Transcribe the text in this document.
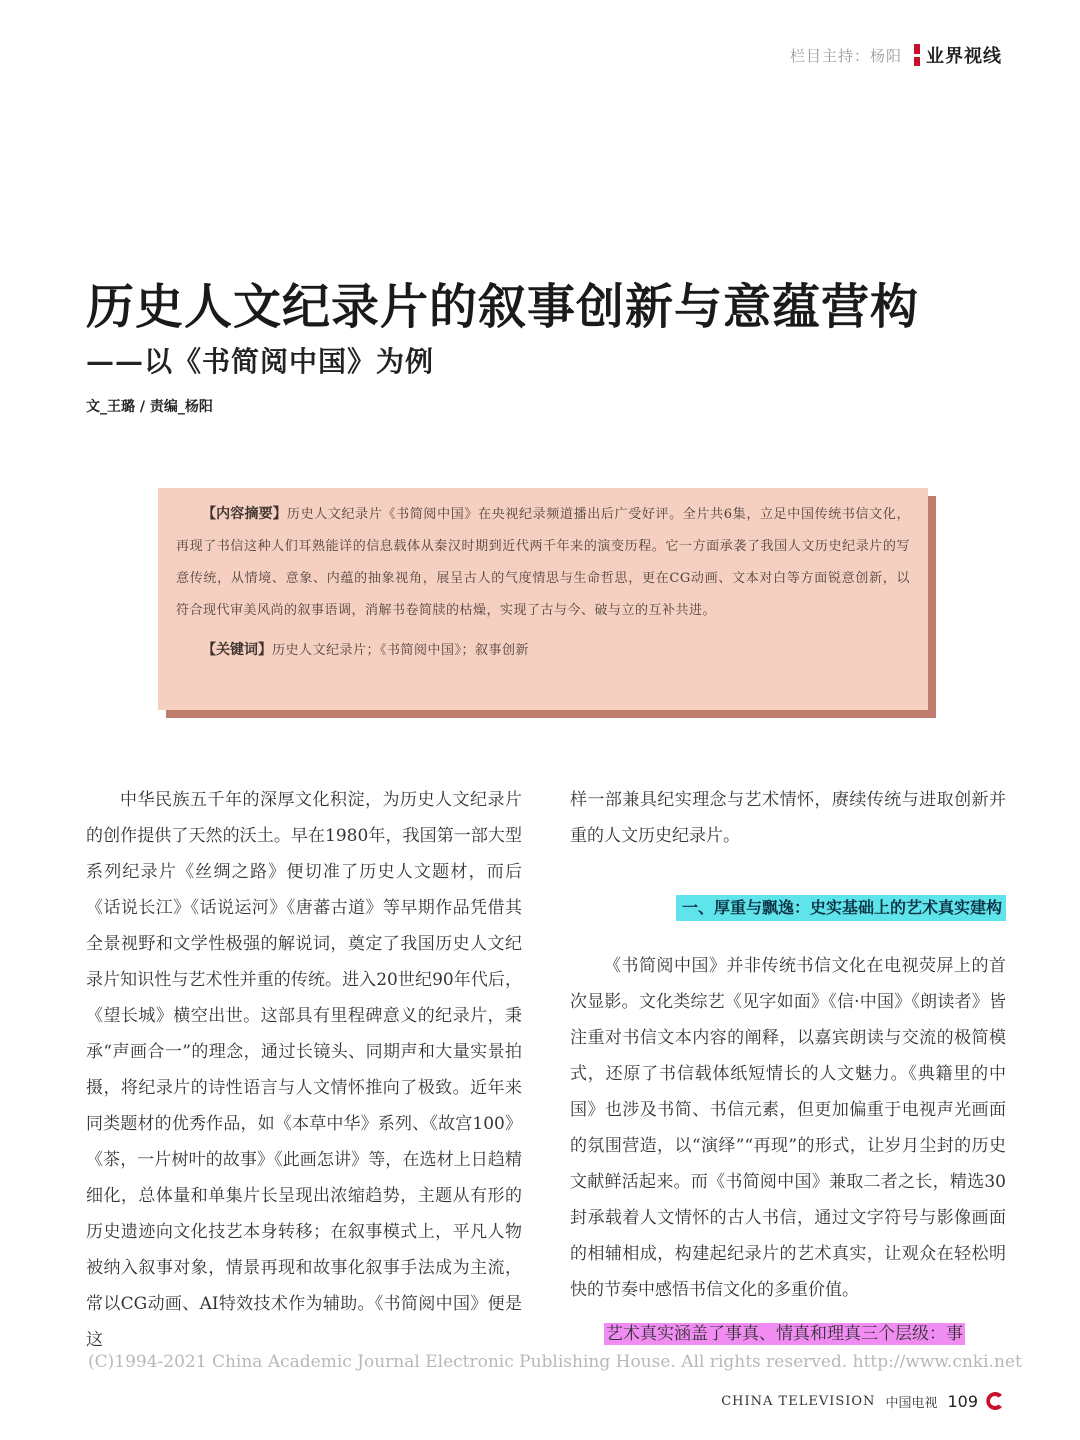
栏目主持：杨阳 业界视线
历史人文纪录片的叙事创新与意蕴营构
——以《书简阅中国》为例
文_王璐 / 责编_杨阳
【内容摘要】历史人文纪录片《书简阅中国》在央视纪录频道播出后广受好评。全片共6集，立足中国传统书信文化，再现了书信这种人们耳熟能详的信息载体从秦汉时期到近代两千年来的演变历程。它一方面承袭了我国人文历史纪录片的写意传统，从情境、意象、内蕴的抽象视角，展呈古人的气度情思与生命哲思，更在CG动画、文本对白等方面锐意创新，以符合现代审美风尚的叙事语调，消解书卷简牍的枯燥，实现了古与今、破与立的互补共进。
【关键词】历史人文纪录片；《书简阅中国》；叙事创新

中华民族五千年的深厚文化积淀，为历史人文纪录片的创作提供了天然的沃土。早在1980年，我国第一部大型系列纪录片《丝绸之路》便切准了历史人文题材，而后《话说长江》《话说运河》《唐蕃古道》等早期作品凭借其全景视野和文学性极强的解说词，奠定了我国历史人文纪录片知识性与艺术性并重的传统。进入20世纪90年代后，《望长城》横空出世。这部具有里程碑意义的纪录片，秉承“声画合一”的理念，通过长镜头、同期声和大量实景拍摄，将纪录片的诗性语言与人文情怀推向了极致。近年来同类题材的优秀作品，如《本草中华》系列、《故宫100》《茶，一片树叶的故事》《此画怎讲》等，在选材上日趋精细化，总体量和单集片长呈现出浓缩趋势，主题从有形的历史遗迹向文化技艺本身转移；在叙事模式上，平凡人物被纳入叙事对象，情景再现和故事化叙事手法成为主流，常以CG动画、AI特效技术作为辅助。《书简阅中国》便是这

样一部兼具纪实理念与艺术情怀，赓续传统与进取创新并重的人文历史纪录片。

一、厚重与飘逸：史实基础上的艺术真实建构

《书简阅中国》并非传统书信文化在电视荧屏上的首次显影。文化类综艺《见字如面》《信·中国》《朗读者》皆注重对书信文本内容的阐释，以嘉宾朗读与交流的极简模式，还原了书信载体纸短情长的人文魅力。《典籍里的中国》也涉及书简、书信元素，但更加偏重于电视声光画面的氛围营造，以“演绎”“再现”的形式，让岁月尘封的历史文献鲜活起来。而《书简阅中国》兼取二者之长，精选30封承载着人文情怀的古人书信，通过文字符号与影像画面的相辅相成，构建起纪录片的艺术真实，让观众在轻松明快的节奏中感悟书信文化的多重价值。

艺术真实涵盖了事真、情真和理真三个层级：事

(C)1994-2021 China Academic Journal Electronic Publishing House. All rights reserved. http://www.cnki.net
CHINA TELEVISION 中国电视 109
